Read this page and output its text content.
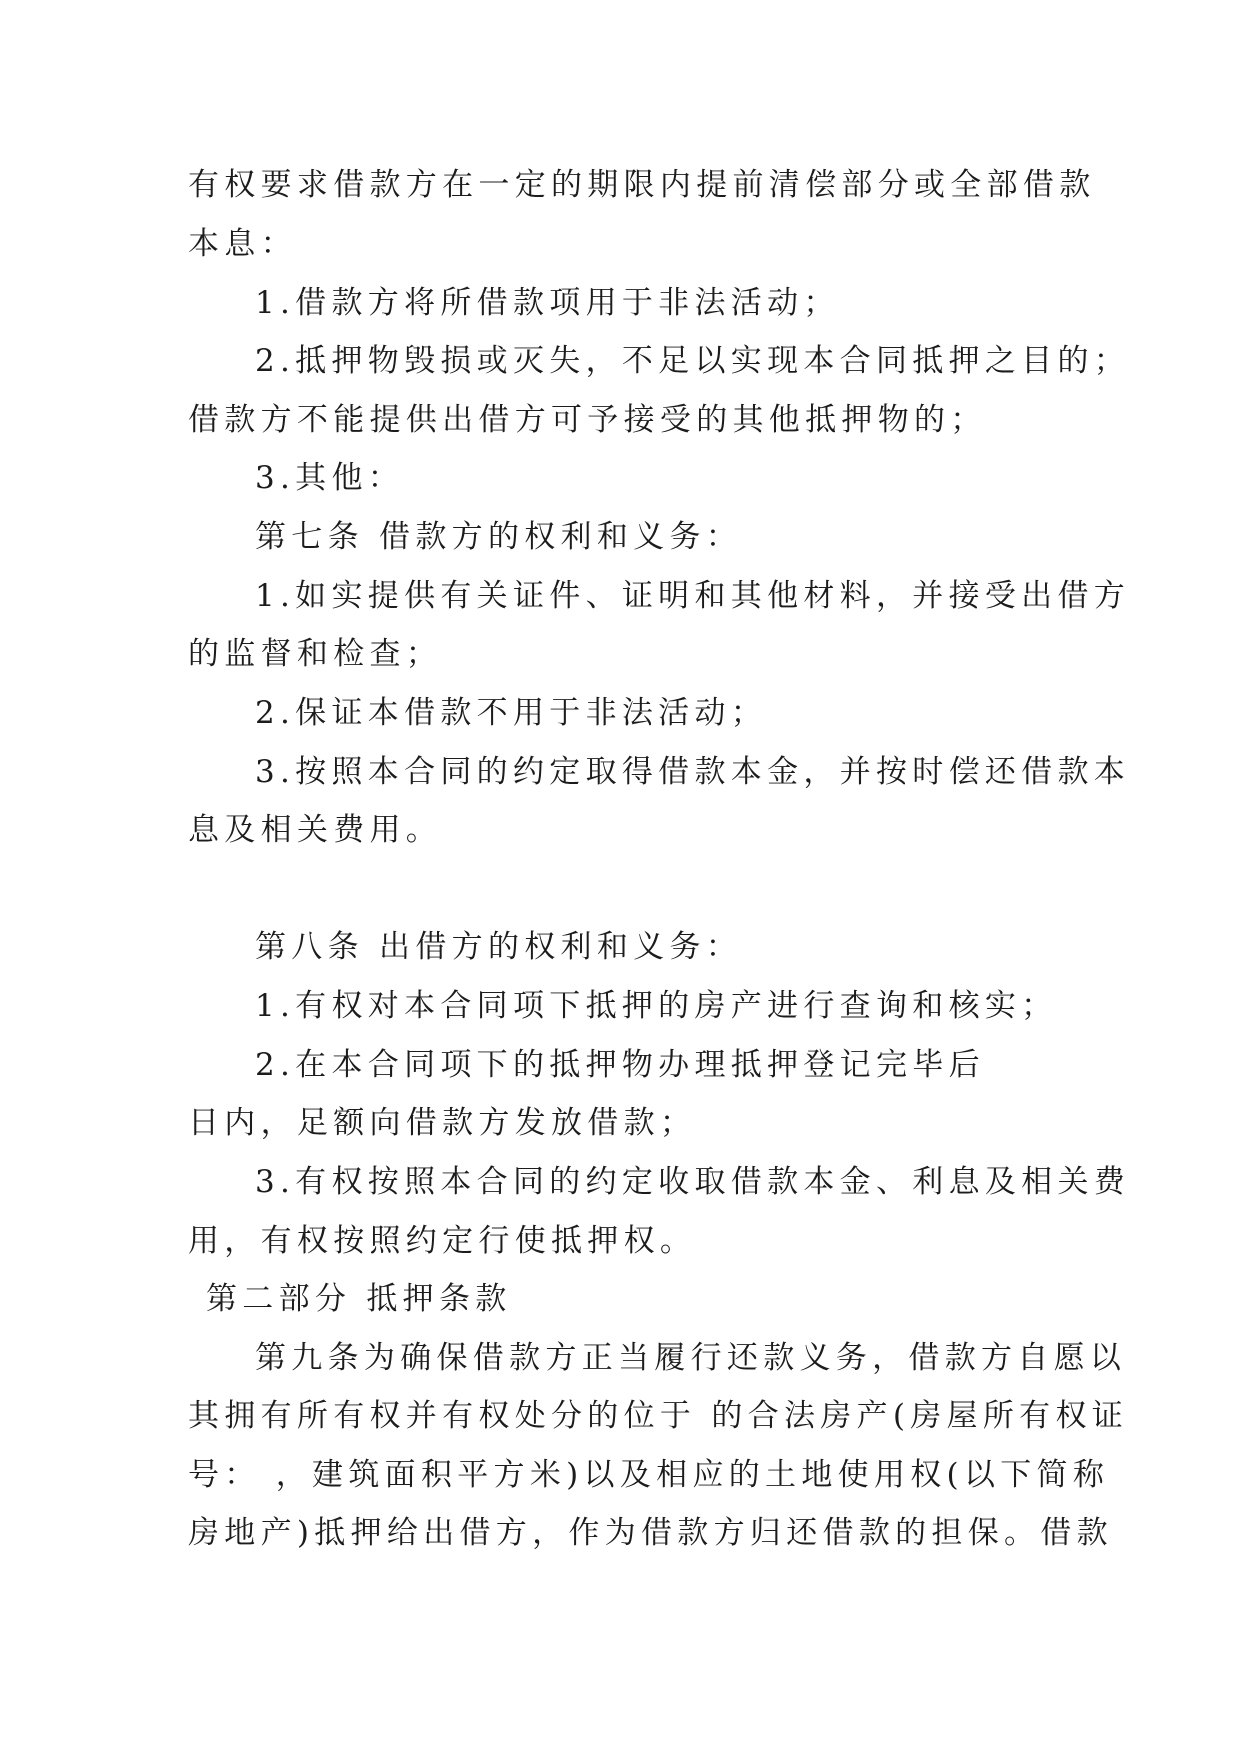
有权要求借款方在一定的期限内提前清偿部分或全部借款

本息：

1.借款方将所借款项用于非法活动；

2.抵押物毁损或灭失，不足以实现本合同抵押之目的；

借款方不能提供出借方可予接受的其他抵押物的；

3.其他：

第七条 借款方的权利和义务：

1.如实提供有关证件、证明和其他材料，并接受出借方

的监督和检查；

2.保证本借款不用于非法活动；

3.按照本合同的约定取得借款本金，并按时偿还借款本

息及相关费用。

第八条 出借方的权利和义务：

1.有权对本合同项下抵押的房产进行查询和核实；

2.在本合同项下的抵押物办理抵押登记完毕后

日内，足额向借款方发放借款；

3.有权按照本合同的约定收取借款本金、利息及相关费

用，有权按照约定行使抵押权。

第二部分 抵押条款

第九条为确保借款方正当履行还款义务，借款方自愿以

其拥有所有权并有权处分的位于 的合法房产(房屋所有权证

号： ，建筑面积平方米)以及相应的土地使用权(以下简称

房地产)抵押给出借方，作为借款方归还借款的担保。借款
